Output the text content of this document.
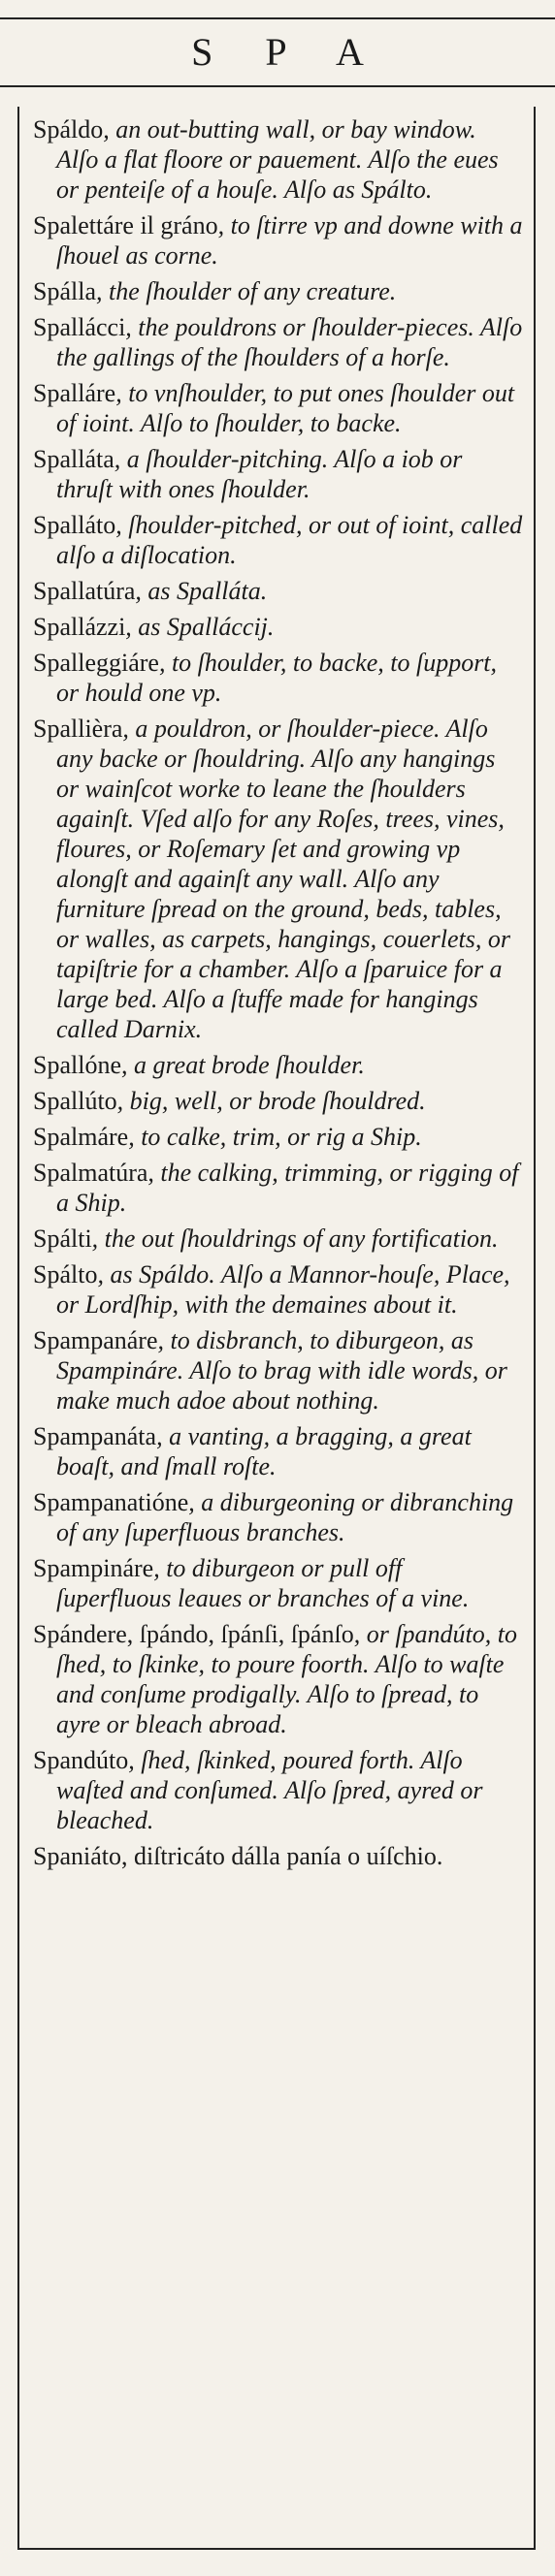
S P A

Spáldo, an out-butting wall, or bay window. Alſo a flat floore or pauement. Alſo the eues or penteiſe of a houſe. Alſo as Spálto.

Spalettáre il gráno, to ſtirre vp and downe with a ſhouel as corne.

Spálla, the ſhoulder of any creature.

Spallácci, the pouldrons or ſhoulder-pieces. Alſo the gallings of the ſhoulders of a horſe.

Spalláre, to vnſhoulder, to put ones ſhoulder out of ioint. Alſo to ſhoulder, to backe.

Spalláta, a ſhoulder-pitching. Alſo a iob or thruſt with ones ſhoulder.

Spalláto, ſhoulder-pitched, or out of ioint, called alſo a diſlocation.

Spallatúra, as Spalláta.

Spallázzi, as Spalláccij.

Spalleggiáre, to ſhoulder, to backe, to ſupport, or hould one vp.

Spallièra, a pouldron, or ſhoulder-piece. Alſo any backe or ſhouldring. Alſo any hangings or wainſcot worke to leane the ſhoulders againſt. Vſed alſo for any Roſes, trees, vines, floures, or Roſemary ſet and growing vp alongſt and againſt any wall. Alſo any furniture ſpread on the ground, beds, tables, or walles, as carpets, hangings, couerlets, or tapiſtrie for a chamber. Alſo a ſparuice for a large bed. Alſo a ſtuffe made for hangings called Darnix.

Spallóne, a great brode ſhoulder.

Spallúto, big, well, or brode ſhouldred.

Spalmáre, to calke, trim, or rig a Ship.

Spalmatúra, the calking, trimming, or rigging of a Ship.

Spálti, the out ſhouldrings of any fortification.

Spálto, as Spáldo. Alſo a Mannor-houſe, Place, or Lordſhip, with the demaines about it.

Spampanáre, to disbranch, to diburgeon, as Spampináre. Alſo to brag with idle words, or make much adoe about nothing.

Spampanáta, a vanting, a bragging, a great boaſt, and ſmall roſte.

Spampanatióne, a diburgeoning or dibranching of any ſuperfluous branches.

Spampináre, to diburgeon or pull off ſuperfluous leaues or branches of a vine.

Spándere, ſpándo, ſpánſi, ſpánſo, or ſpandúto, to ſhed, to ſkinke, to poure foorth. Alſo to waſte and conſume prodigally. Alſo to ſpread, to ayre or bleach abroad.

Spandúto, ſhed, ſkinked, poured forth. Alſo waſted and conſumed. Alſo ſpred, ayred or bleached.

Spaniáto, diſtricáto dálla panía o uíſchio.
